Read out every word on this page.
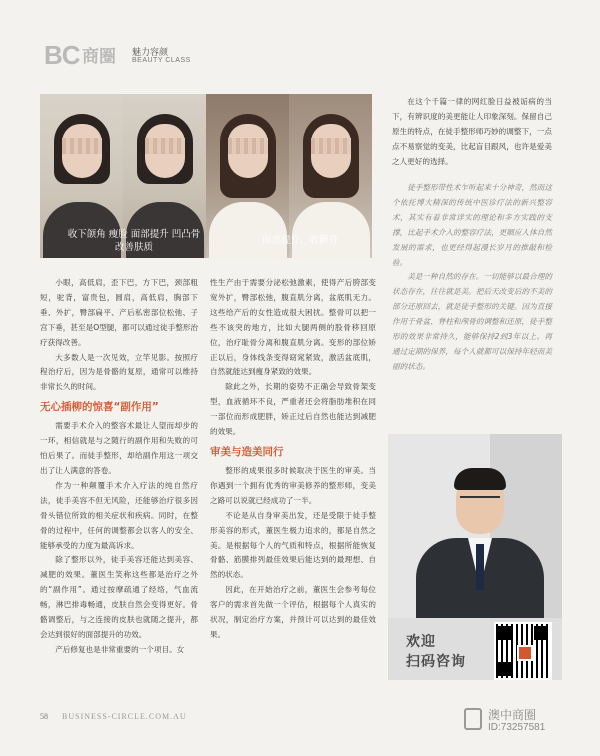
BC 商圈 魅力容颜
BEAUTY CLASS
收下颌角 瘦脸 面部提升 凹凸骨 改善肤质
面部提升、收颧骨

小眼，高低肩，歪下巴，方下巴，颈部粗短，驼背，富贵包，圆肩，高低肩，胸部下垂、外扩，臀部扁平、产后私密部位松弛、子宫下垂，甚至是O型腿，都可以通过徒手整形治疗获得改善。

大多数人是一次见效，立竿见影。按照疗程治疗后，因为是骨骼的复原，通常可以维持非常长久的时间。

无心插柳的惊喜“副作用”

需要手术介入的整容术最让人望而却步的一环，相信就是与之随行的副作用和失败的可怕后果了。而徒手整形，却给副作用这一项交出了让人满意的答卷。

作为一种颠覆手术介入疗法的纯自然疗法，徒手美容不但无风险，还能够治疗很多因骨头错位所致的相关症状和疾病。同时，在整骨的过程中，任何的调整都会以客人的安全、能够承受的力度为最高诉求。

除了整形以外，徒手美容还能达到美容、减肥的效果。董医生笑称这些都是治疗之外的“副作用”。通过按摩疏通了经络，气血流畅，淋巴排毒畅通，皮肤自然会变得更好。骨骼调整后，与之连接的皮肤也就随之提升，都会达到很好的面部提升的功效。

产后修复也是非常重要的一个项目。女

性生产由于需要分泌松弛激素，使得产后胯部变宽外扩，臀部松弛，腹直肌分离，盆底肌无力。这些给产后的女性造成很大困扰。整骨可以把一些不该突的地方，比如大腿两侧的股骨移回原位，治疗耻骨分离和腹直肌分离。变形的部位矫正以后，身体线条变得窈窕紧致，激活盆底肌，自然就能达到瘦身紧致的效果。

除此之外，长期的姿势不正确会导致骨架变型，血液循环不良，严重者还会将脂肪堆积在同一部位而形成肥胖，矫正过后自然也能达到减肥的效果。

审美与造美同行

整形的成果很多时候取决于医生的审美。当你遇到一个拥有优秀的审美修养的整形师，变美之路可以说就已经成功了一半。

不论是从自身审美出发，还是受限于徒手整形美容的形式，董医生极力追求的，都是自然之美。是根据每个人的气质和特点，根据所能恢复骨骼、筋膜排列最佳效果后能达到的最理想、自然的状态。

因此，在开始治疗之前，董医生会参考每位客户的需求首先做一个评估，根据每个人真实的状况，制定治疗方案，并预计可以达到的最佳效果。

在这个千篇一律的网红脸日益被诟病的当下，有辨识度的美更能让人印象深刻。保留自己原生的特点，在徒手整形师巧妙的调整下，一点点不易察觉的变美，比起盲目跟风，也许是爱美之人更好的选择。

徒手整形带性术乍听起来十分神奇，然而这个依托博大精深的传统中医诊疗法的新兴整容术，其实有着非常详实的理论和多方实践的支撑，比起手术介入的整容疗法，更顺应人体自然发展的需求，也更经得起漫长岁月的推敲和检验。

美是一种自然的存在。一切能够以最合理的状态存在，往往就是美。把后天改变后的不美的部分还原回去，就是徒手整形的关键。因为直接作用于骨盆、脊柱和颅骨的调整和还原，徒手整形的效果非常持久，能够保持2到3年以上。再通过定期的保养，每个人就都可以保持年轻而美丽的状态。

欢迎
扫码咨询
58 BUSINESS-CIRCLE.COM.AU	澳中商圈
ID:73257581
